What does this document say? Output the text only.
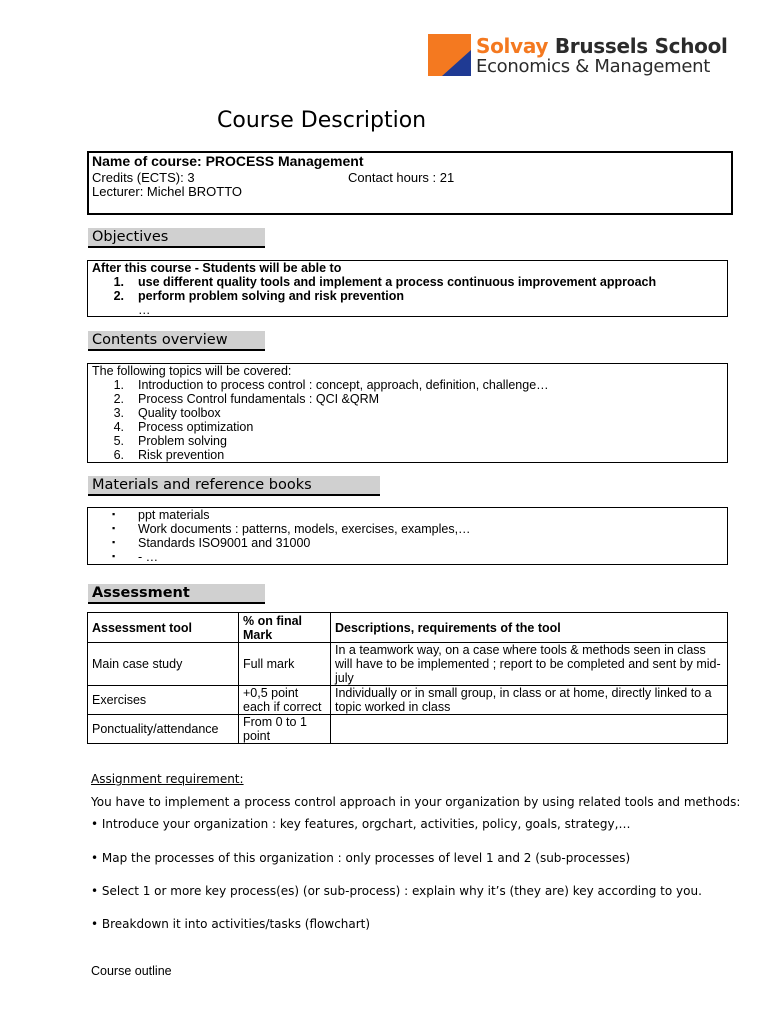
Solvay Brussels School
Economics & Management
Course Description
Name of course: PROCESS Management
Credits (ECTS): 3	Contact hours : 21
Lecturer: Michel BROTTO
Objectives
After this course - Students will be able to
1. use different quality tools and implement a process continuous improvement approach
2. perform problem solving and risk prevention
…
Contents overview
The following topics will be covered:
1. Introduction to process control : concept, approach, definition, challenge…
2. Process Control fundamentals : QCI &QRM
3. Quality toolbox
4. Process optimization
5. Problem solving
6. Risk prevention
Materials and reference books
▪ ppt materials
▪ Work documents : patterns, models, exercises, examples,…
▪ Standards ISO9001 and 31000
▪ - …
Assessment
Assessment tool	% on final Mark	Descriptions, requirements of the tool
Main case study	Full mark	In a teamwork way, on a case where tools & methods seen in class will have to be implemented ; report to be completed and sent by mid-july
Exercises	+0,5 point each if correct	Individually or in small group, in class or at home, directly linked to a topic worked in class
Ponctuality/attendance	From 0 to 1 point	
Assignment requirement:
You have to implement a process control approach in your organization by using related tools and methods:
• Introduce your organization : key features, orgchart, activities, policy, goals, strategy,…
• Map the processes of this organization : only processes of level 1 and 2 (sub-processes)
• Select 1 or more key process(es) (or sub-process) : explain why it’s (they are) key according to you.
• Breakdown it into activities/tasks (flowchart)
Course outline
